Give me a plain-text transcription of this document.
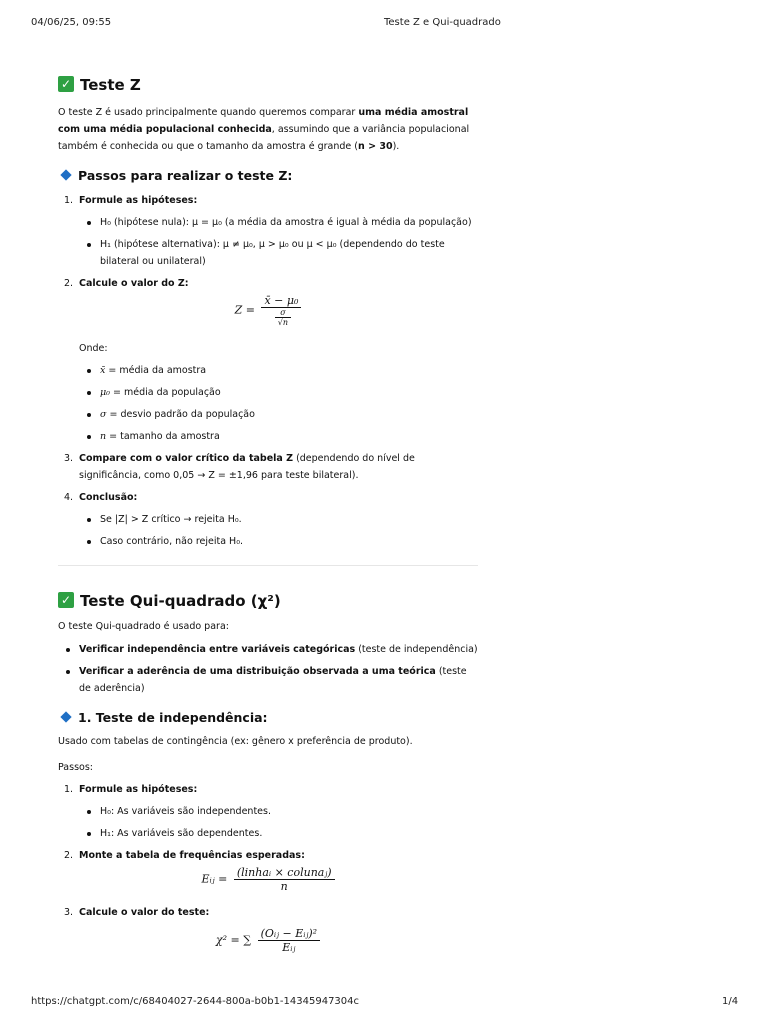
04/06/25, 09:55	Teste Z e Qui-quadrado
✓ Teste Z

O teste Z é usado principalmente quando queremos comparar uma média amostral com uma média populacional conhecida, assumindo que a variância populacional também é conhecida ou que o tamanho da amostra é grande (n > 30).

Passos para realizar o teste Z:
1. Formule as hipóteses:
H₀ (hipótese nula): μ = μ₀ (a média da amostra é igual à média da população)
H₁ (hipótese alternativa): μ ≠ μ₀, μ > μ₀ ou μ < μ₀ (dependendo do teste bilateral ou unilateral)
2. Calcule o valor do Z:
$Z = \frac{\text{x̄ − μ₀}}{\frac{\sigma}{√n}}$
Onde:
x̄ = média da amostra
μ₀ = média da população
σ = desvio padrão da população
n = tamanho da amostra
3. Compare com o valor crítico da tabela Z (dependendo do nível de significância, como 0,05 → Z = ±1,96 para teste bilateral).
4. Conclusão:
Se |Z| > Z crítico → rejeita H₀.
Caso contrário, não rejeita H₀.
✓ Teste Qui-quadrado (χ²)

O teste Qui-quadrado é usado para:

Verificar independência entre variáveis categóricas (teste de independência)
Verificar a aderência de uma distribuição observada a uma teórica (teste de aderência)
1. Teste de independência:

Usado com tabelas de contingência (ex: gênero x preferência de produto).

Passos:

1. Formule as hipóteses:
H₀: As variáveis são independentes.
H₁: As variáveis são dependentes.
2. Monte a tabela de frequências esperadas:
Eᵢⱼ = $\frac{\text{(linhaᵢ × colunaⱼ)}}{n}$
3. Calcule o valor do teste:
χ² = ∑ $\frac{\text{(Oᵢⱼ − Eᵢⱼ)²}}{\text{Eᵢⱼ}}$
https://chatgpt.com/c/68404027-2644-800a-b0b1-14345947304c	1/4
